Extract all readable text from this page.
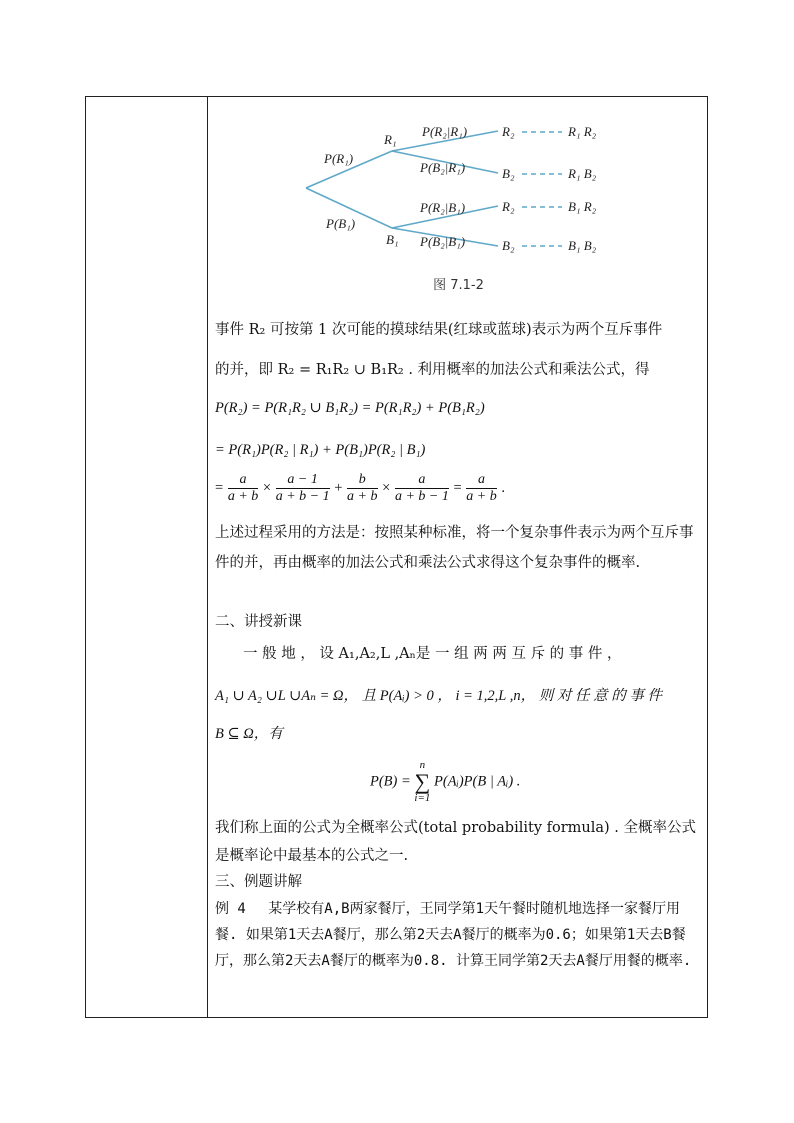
P(R₁)
P(B₁)
R₁
B₁
P(R₂|R₁)
P(B₂|R₁)
P(R₂|B₁)
P(B₂|B₁)
R₂
B₂
R₂
B₂
R₁ R₂
R₁ B₂
B₁ R₂
B₁ B₂
图 7.1-2
事件 R₂ 可按第 1 次可能的摸球结果(红球或蓝球)表示为两个互斥事件
的并，即 R₂ = R₁R₂ ∪ B₁R₂ . 利用概率的加法公式和乘法公式，得
P(R₂) = P(R₁R₂ ∪ B₁R₂) = P(R₁R₂) + P(B₁R₂)
= P(R₁)P(R₂ | R₁) + P(B₁)P(R₂ | B₁)
= $\frac{a}{a + b} \times \frac{a - 1}{a + b - 1} + \frac{b}{a + b} \times \frac{a}{a + b - 1} = \frac{a}{a + b}$ .
上述过程采用的方法是：按照某种标准，将一个复杂事件表示为两个互斥事件的并，再由概率的加法公式和乘法公式求得这个复杂事件的概率.
二、讲授新课
一 般 地 ， 设 A₁,A₂,L ,Aₙ是 一 组 两 两 互 斥 的 事 件 ，
A₁ ∪ A₂ ∪L ∪Aₙ = Ω， 且 P(Aᵢ) > 0 ， i = 1,2,L ,n， 则 对 任 意 的 事 件
B ⊆ Ω，有
P(B) =
n
∑
i=1
P(Aᵢ)P(B | Aᵢ) .
我们称上面的公式为全概率公式(total probability formula) . 全概率公式是概率论中最基本的公式之一.
三、例题讲解
例 4　 某学校有A,B两家餐厅，王同学第1天午餐时随机地选择一家餐厅用餐. 如果第1天去A餐厅，那么第2天去A餐厅的概率为0.6；如果第1天去B餐厅，那么第2天去A餐厅的概率为0.8. 计算王同学第2天去A餐厅用餐的概率.
